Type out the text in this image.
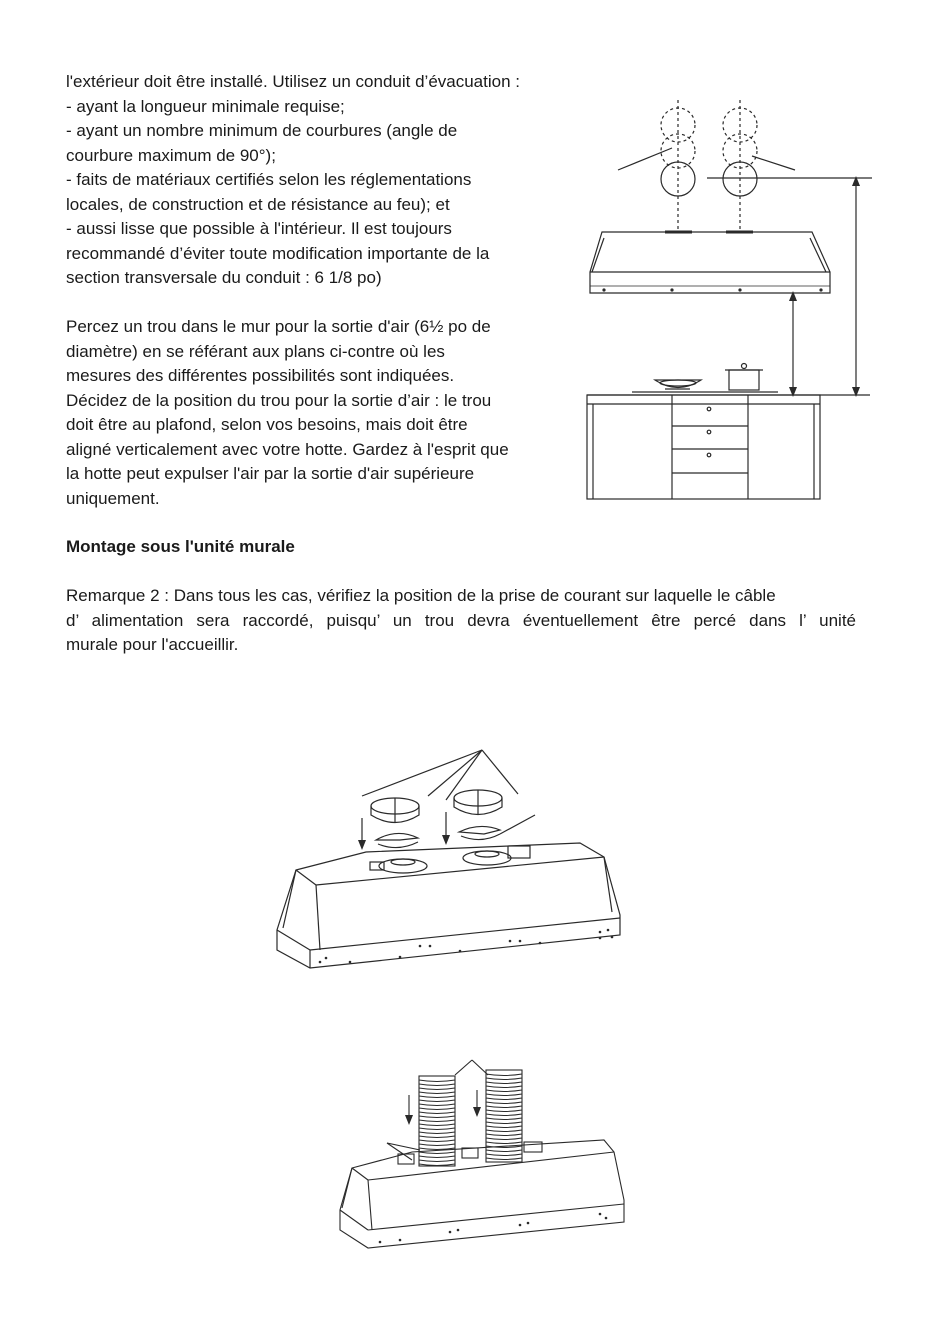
l'extérieur doit être installé. Utilisez un conduit d’évacuation :
- ayant la longueur minimale requise;
- ayant un nombre minimum de courbures (angle de
courbure maximum de 90°);
- faits de matériaux certifiés selon les réglementations
locales, de construction et de résistance au feu); et
- aussi lisse que possible à l'intérieur. Il est toujours
recommandé d’éviter toute modification importante de la
section transversale du conduit : 6 1/8 po)
Percez un trou dans le mur pour la sortie d'air (6½ po de
diamètre) en se référant aux plans ci-contre où les
mesures des différentes possibilités sont indiquées.
Décidez de la position du trou pour la sortie d’air : le trou
doit être au plafond, selon vos besoins, mais doit être
aligné verticalement avec votre hotte. Gardez à l'esprit que
la hotte peut expulser l'air par la sortie d'air supérieure
uniquement.
Montage sous l'unité murale
Remarque 2 : Dans tous les cas, vérifiez la position de la prise de courant sur laquelle le câble
d’ alimentation sera raccordé, puisqu’ un trou devra éventuellement être percé dans l’ unité
murale pour l'accueillir.
